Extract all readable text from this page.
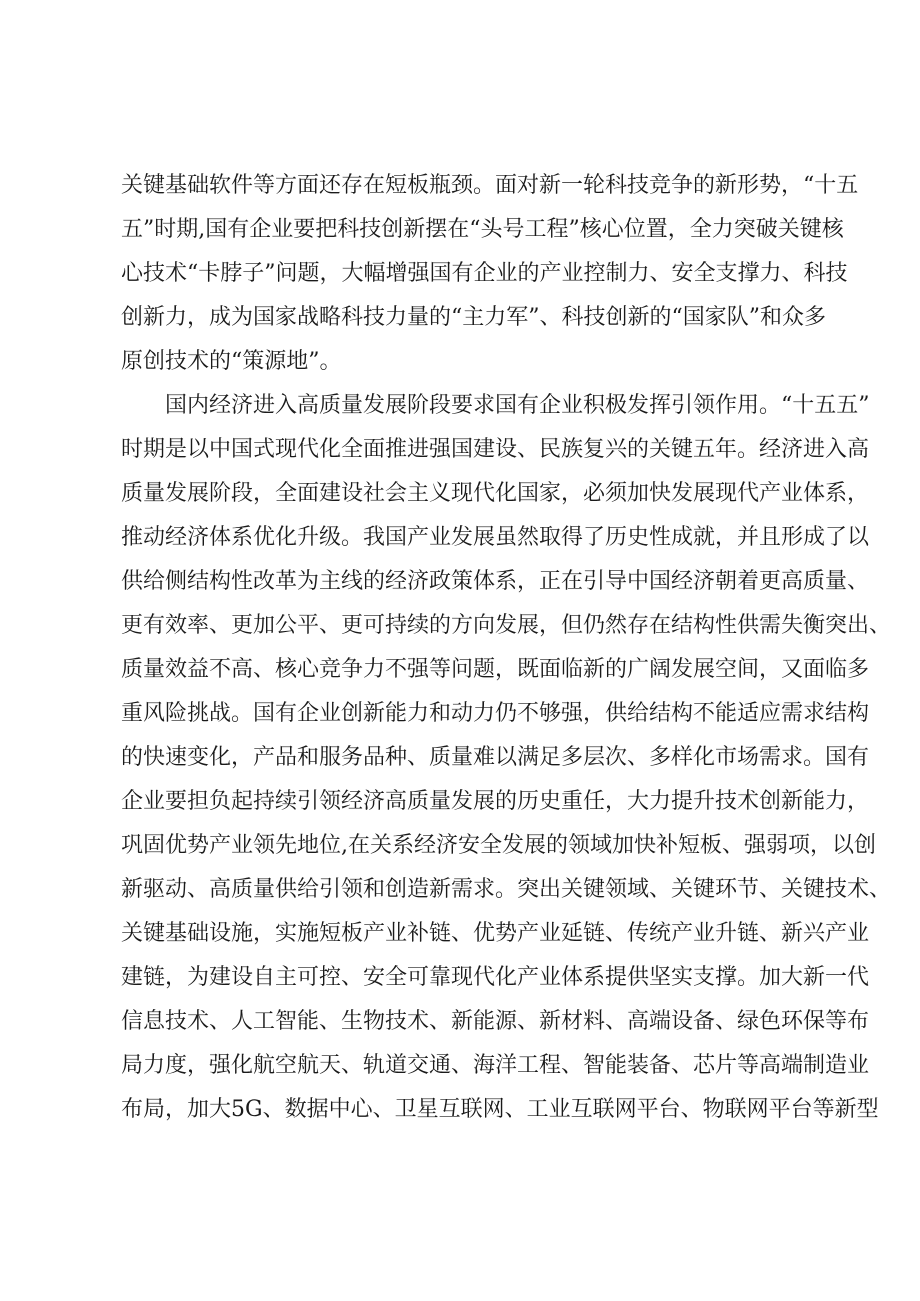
关键基础软件等方面还存在短板瓶颈。面对新一轮科技竞争的新形势，“十五
五”时期,国有企业要把科技创新摆在“头号工程”核心位置，全力突破关键核
心技术“卡脖子”问题，大幅增强国有企业的产业控制力、安全支撑力、科技
创新力，成为国家战略科技力量的“主力军”、科技创新的“国家队”和众多
原创技术的“策源地”。
国内经济进入高质量发展阶段要求国有企业积极发挥引领作用。“十五五”
时期是以中国式现代化全面推进强国建设、民族复兴的关键五年。经济进入高
质量发展阶段，全面建设社会主义现代化国家，必须加快发展现代产业体系，
推动经济体系优化升级。我国产业发展虽然取得了历史性成就，并且形成了以
供给侧结构性改革为主线的经济政策体系，正在引导中国经济朝着更高质量、
更有效率、更加公平、更可持续的方向发展，但仍然存在结构性供需失衡突出、
质量效益不高、核心竞争力不强等问题，既面临新的广阔发展空间，又面临多
重风险挑战。国有企业创新能力和动力仍不够强，供给结构不能适应需求结构
的快速变化，产品和服务品种、质量难以满足多层次、多样化市场需求。国有
企业要担负起持续引领经济高质量发展的历史重任，大力提升技术创新能力，
巩固优势产业领先地位,在关系经济安全发展的领域加快补短板、强弱项，以创
新驱动、高质量供给引领和创造新需求。突出关键领域、关键环节、关键技术、
关键基础设施，实施短板产业补链、优势产业延链、传统产业升链、新兴产业
建链，为建设自主可控、安全可靠现代化产业体系提供坚实支撑。加大新一代
信息技术、人工智能、生物技术、新能源、新材料、高端设备、绿色环保等布
局力度，强化航空航天、轨道交通、海洋工程、智能装备、芯片等高端制造业
布局，加大5G、数据中心、卫星互联网、工业互联网平台、物联网平台等新型
